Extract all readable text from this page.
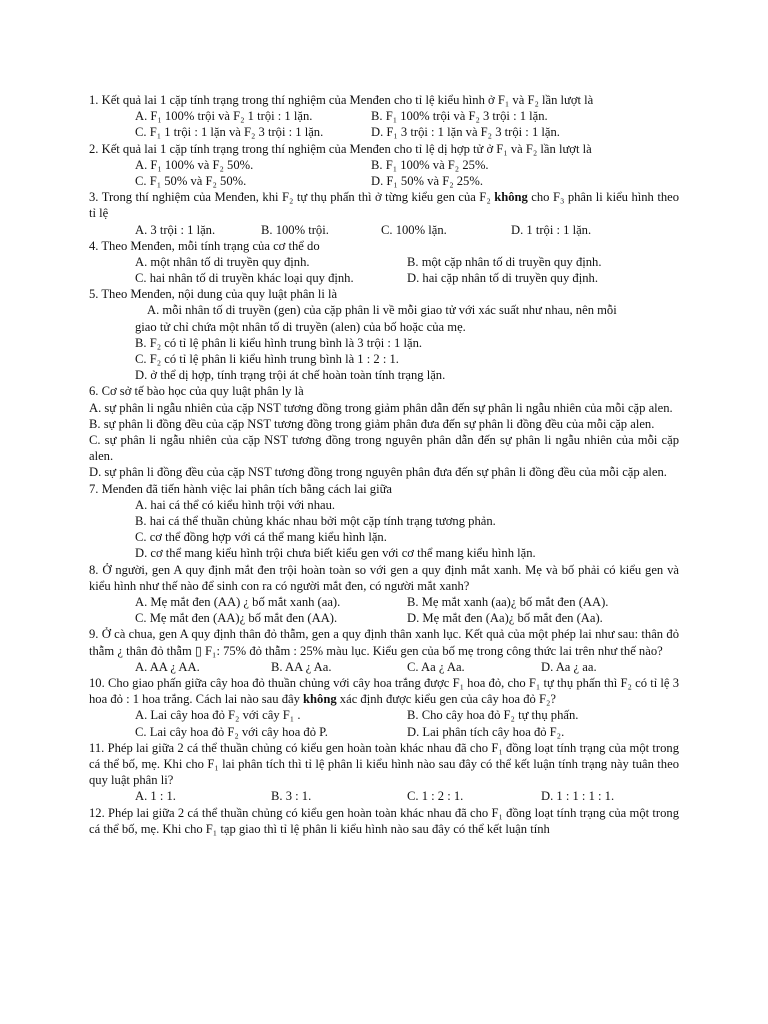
1. Kết quả lai 1 cặp tính trạng trong thí nghiệm của Menđen cho tỉ lệ kiểu hình ở F₁ và F₂ lần lượt là
A. F₁ 100% trội và F₂ 1 trội : 1 lặn.	B. F₁ 100% trội và F₂ 3 trội : 1 lặn.
C. F₁ 1 trội : 1 lặn và F₂ 3 trội : 1 lặn.	D. F₁ 3 trội : 1 lặn và F₂ 3 trội : 1 lặn.
2. Kết quả lai 1 cặp tính trạng trong thí nghiệm của Menđen cho tỉ lệ dị hợp tử ở F₁ và F₂ lần lượt là
A. F₁ 100% và F₂ 50%.	B. F₁ 100% và F₂ 25%.
C. F₁ 50% và F₂ 50%.	D. F₁ 50% và F₂ 25%.
3. Trong thí nghiệm của Menđen, khi F₂ tự thụ phấn thì ở từng kiểu gen của F₂ không cho F₃ phân li kiểu hình theo tỉ lệ
A. 3 trội : 1 lặn.	B. 100% trội.	C. 100% lặn.	D. 1 trội : 1 lặn.
4. Theo Menđen, mỗi tính trạng của cơ thể do
A. một nhân tố di truyền quy định.	B. một cặp nhân tố di truyền quy định.
C. hai nhân tố di truyền khác loại quy định.	D. hai cặp nhân tố di truyền quy định.
5. Theo Menđen, nội dung của quy luật phân li là
A. mỗi nhân tố di truyền (gen) của cặp phân li về mỗi giao tử với xác suất như nhau, nên mỗi
giao tử chỉ chứa một nhân tố di truyền (alen) của bố hoặc của mẹ.
B. F₂ có tỉ lệ phân li kiểu hình trung bình là 3 trội : 1 lặn.
C. F₂ có tỉ lệ phân li kiểu hình trung bình là 1 : 2 : 1.
D. ở thể dị hợp, tính trạng trội át chế hoàn toàn tính trạng lặn.
6. Cơ sở tế bào học của quy luật phân ly là
A. sự phân li ngẫu nhiên của cặp NST tương đồng trong giảm phân dẫn đến sự phân li ngẫu nhiên của mỗi cặp alen.
B. sự phân li đồng đều của cặp NST tương đồng trong giảm phân đưa đến sự phân li đồng đều của mỗi cặp alen.
C. sự phân li ngẫu nhiên của cặp NST tương đồng trong nguyên phân dẫn đến sự phân li ngẫu nhiên của mỗi cặp alen.
D. sự phân li đồng đều của cặp NST tương đồng trong nguyên phân đưa đến sự phân li đồng đều của mỗi cặp alen.
7. Menđen đã tiến hành việc lai phân tích bằng cách lai giữa
A. hai cá thể có kiểu hình trội với nhau.
B. hai cá thể thuần chủng khác nhau bởi một cặp tính trạng tương phản.
C. cơ thể đồng hợp với cá thể mang kiểu hình lặn.
D. cơ thể mang kiểu hình trội chưa biết kiểu gen với cơ thể mang kiểu hình lặn.
8. Ở người, gen A quy định mắt đen trội hoàn toàn so với gen a quy định mắt xanh. Mẹ và bố phải có kiểu gen và kiểu hình như thế nào để sinh con ra có người mắt đen, có người mắt xanh?
A. Mẹ mắt đen (AA) ¿ bố mắt xanh (aa).	B. Mẹ mắt xanh (aa)¿ bố mắt đen (AA).
C. Mẹ mắt đen (AA)¿ bố mắt đen (AA).	D. Mẹ mắt đen (Aa)¿ bố mắt đen (Aa).
9. Ở cà chua, gen A quy định thân đỏ thẫm, gen a quy định thân xanh lục. Kết quả của một phép lai như sau: thân đỏ thẫm ¿ thân đỏ thẫm ▯ F₁: 75% đỏ thẫm : 25% màu lục. Kiểu gen của bố mẹ trong công thức lai trên như thế nào?
A. AA ¿ AA.	B. AA ¿ Aa.	C. Aa ¿ Aa.	D. Aa ¿ aa.
10. Cho giao phấn giữa cây hoa đỏ thuần chủng với cây hoa trắng được F₁ hoa đỏ, cho F₁ tự thụ phấn thì F₂ có tỉ lệ 3 hoa đỏ : 1 hoa trắng. Cách lai nào sau đây không xác định được kiểu gen của cây hoa đỏ F₂?
A. Lai cây hoa đỏ F₂ với cây F₁ .	B. Cho cây hoa đỏ F₂ tự thụ phấn.
C. Lai cây hoa đỏ F₂ với cây hoa đỏ P.	D. Lai phân tích cây hoa đỏ F₂.
11. Phép lai giữa 2 cá thể thuần chủng có kiểu gen hoàn toàn khác nhau đã cho F₁ đồng loạt tính trạng của một trong cá thể bố, mẹ. Khi cho F₁ lai phân tích thì tỉ lệ phân li kiểu hình nào sau đây có thể kết luận tính trạng này tuân theo quy luật phân li?
A. 1 : 1.	B. 3 : 1.	C. 1 : 2 : 1.	D. 1 : 1 : 1 : 1.
12. Phép lai giữa 2 cá thể thuần chủng có kiểu gen hoàn toàn khác nhau đã cho F₁ đồng loạt tính trạng của một trong cá thể bố, mẹ. Khi cho F₁ tạp giao thì tỉ lệ phân li kiểu hình nào sau đây có thể kết luận tính
